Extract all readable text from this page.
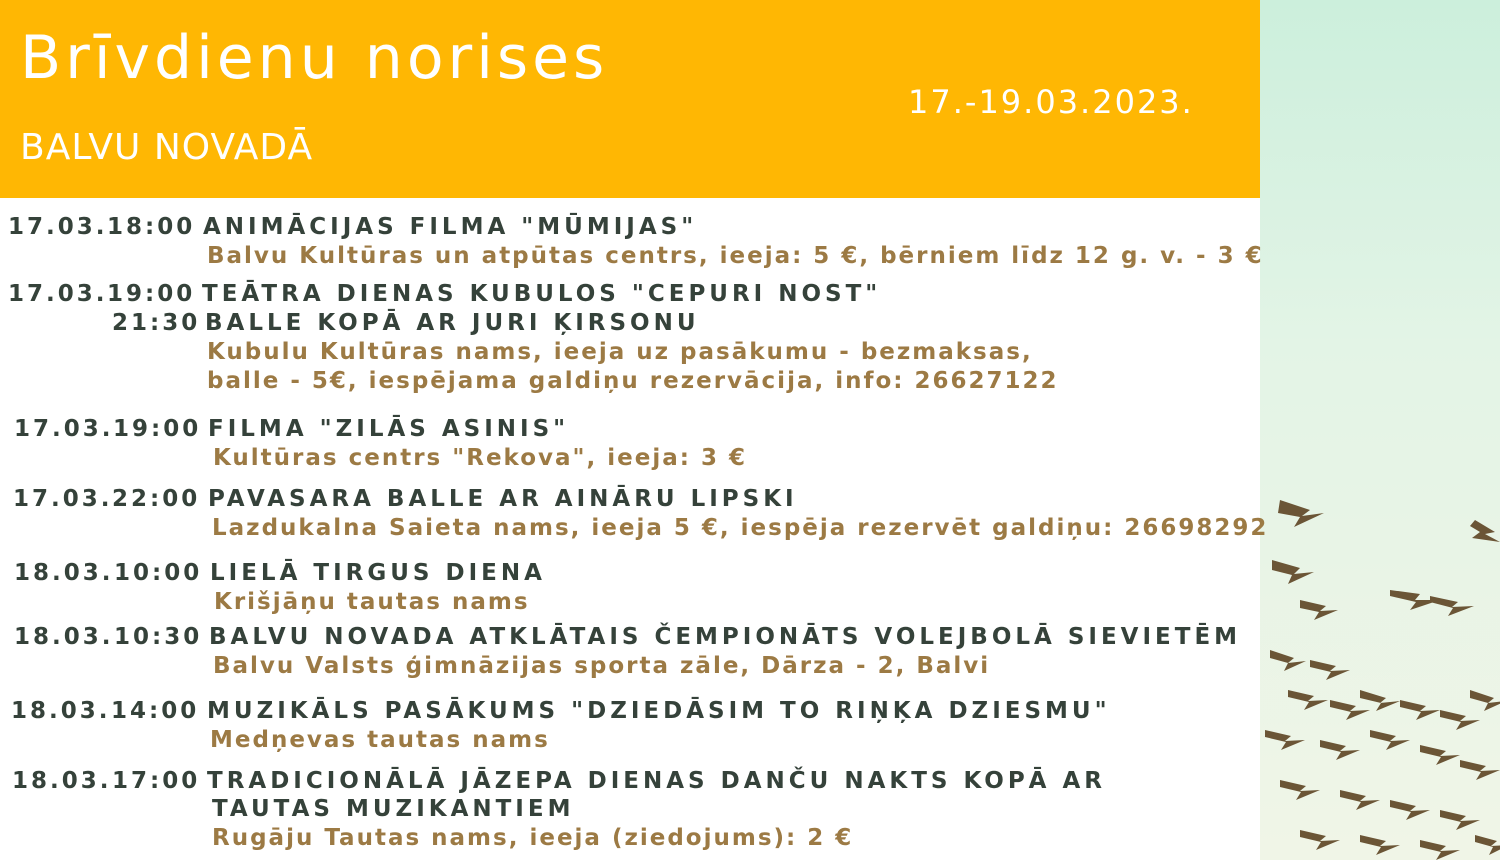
Brīvdienu norises
BALVU NOVADĀ
17.-19.03.2023.
17.03. 18:00 ANIMĀCIJAS FILMA "MŪMIJAS"
Balvu Kultūras un atpūtas centrs, ieeja: 5 €, bērniem līdz 12 g. v. - 3 €
17.03. 19:00 TEĀTRA DIENAS KUBULOS "CEPURI NOST"
21:30 BALLE KOPĀ AR JURI ĶIRSONU
Kubulu Kultūras nams, ieeja uz pasākumu - bezmaksas,
balle - 5€, iespējama galdiņu rezervācija, info: 26627122
17.03. 19:00 FILMA "ZILĀS ASINIS"
Kultūras centrs "Rekova", ieeja: 3 €
17.03. 22:00 PAVASARA BALLE AR AINĀRU LIPSKI
Lazdukalna Saieta nams, ieeja 5 €, iespēja rezervēt galdiņu: 26698292
18.03. 10:00 LIELĀ TIRGUS DIENA
Krišjāņu tautas nams
18.03. 10:30 BALVU NOVADA ATKLĀTAIS ČEMPIONĀTS VOLEJBOLĀ SIEVIETĒM
Balvu Valsts ģimnāzijas sporta zāle, Dārza - 2, Balvi
18.03. 14:00 MUZIKĀLS PASĀKUMS "DZIEDĀSIM TO RIŅĶA DZIESMU"
Medņevas tautas nams
18.03. 17:00 TRADICIONĀLĀ JĀZEPA DIENAS DANČU NAKTS KOPĀ AR
TAUTAS MUZIKANTIEM
Rugāju Tautas nams, ieeja (ziedojums): 2 €
